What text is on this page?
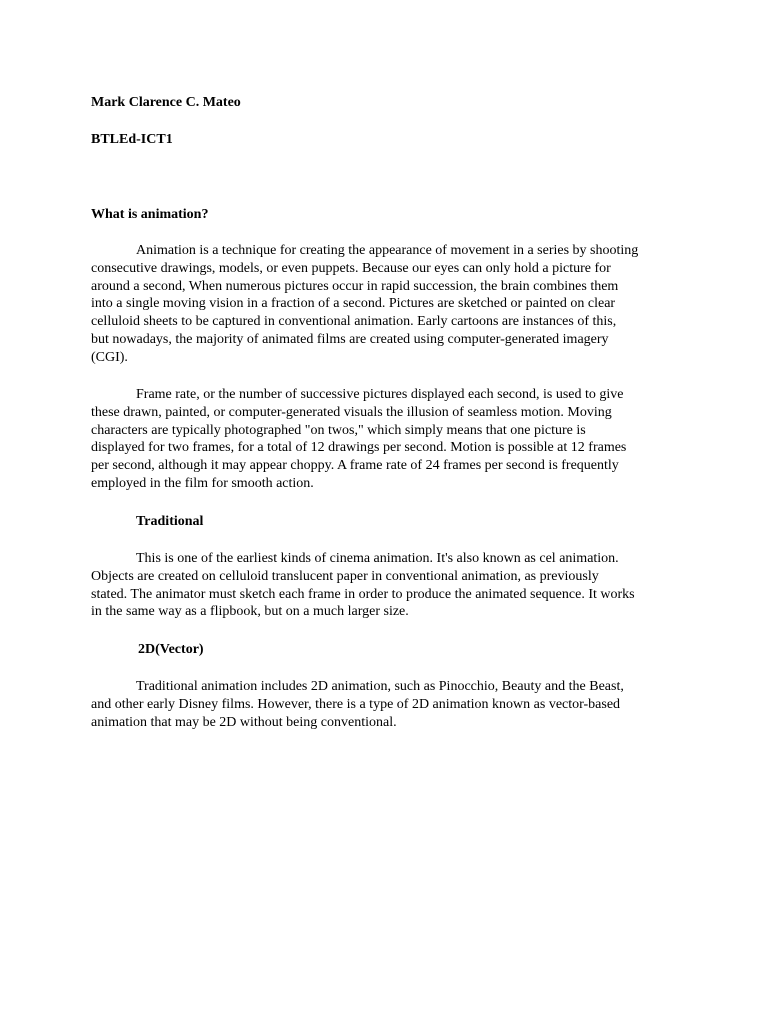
Mark Clarence C. Mateo

BTLEd-ICT1

What is animation?

Animation is a technique for creating the appearance of movement in a series by shooting
consecutive drawings, models, or even puppets. Because our eyes can only hold a picture for
around a second, When numerous pictures occur in rapid succession, the brain combines them
into a single moving vision in a fraction of a second. Pictures are sketched or painted on clear
celluloid sheets to be captured in conventional animation. Early cartoons are instances of this,
but nowadays, the majority of animated films are created using computer-generated imagery
(CGI).

Frame rate, or the number of successive pictures displayed each second, is used to give
these drawn, painted, or computer-generated visuals the illusion of seamless motion. Moving
characters are typically photographed "on twos," which simply means that one picture is
displayed for two frames, for a total of 12 drawings per second. Motion is possible at 12 frames
per second, although it may appear choppy. A frame rate of 24 frames per second is frequently
employed in the film for smooth action.

Traditional

This is one of the earliest kinds of cinema animation. It's also known as cel animation.
Objects are created on celluloid translucent paper in conventional animation, as previously
stated. The animator must sketch each frame in order to produce the animated sequence. It works
in the same way as a flipbook, but on a much larger size.

2D(Vector)

Traditional animation includes 2D animation, such as Pinocchio, Beauty and the Beast,
and other early Disney films. However, there is a type of 2D animation known as vector-based
animation that may be 2D without being conventional.
